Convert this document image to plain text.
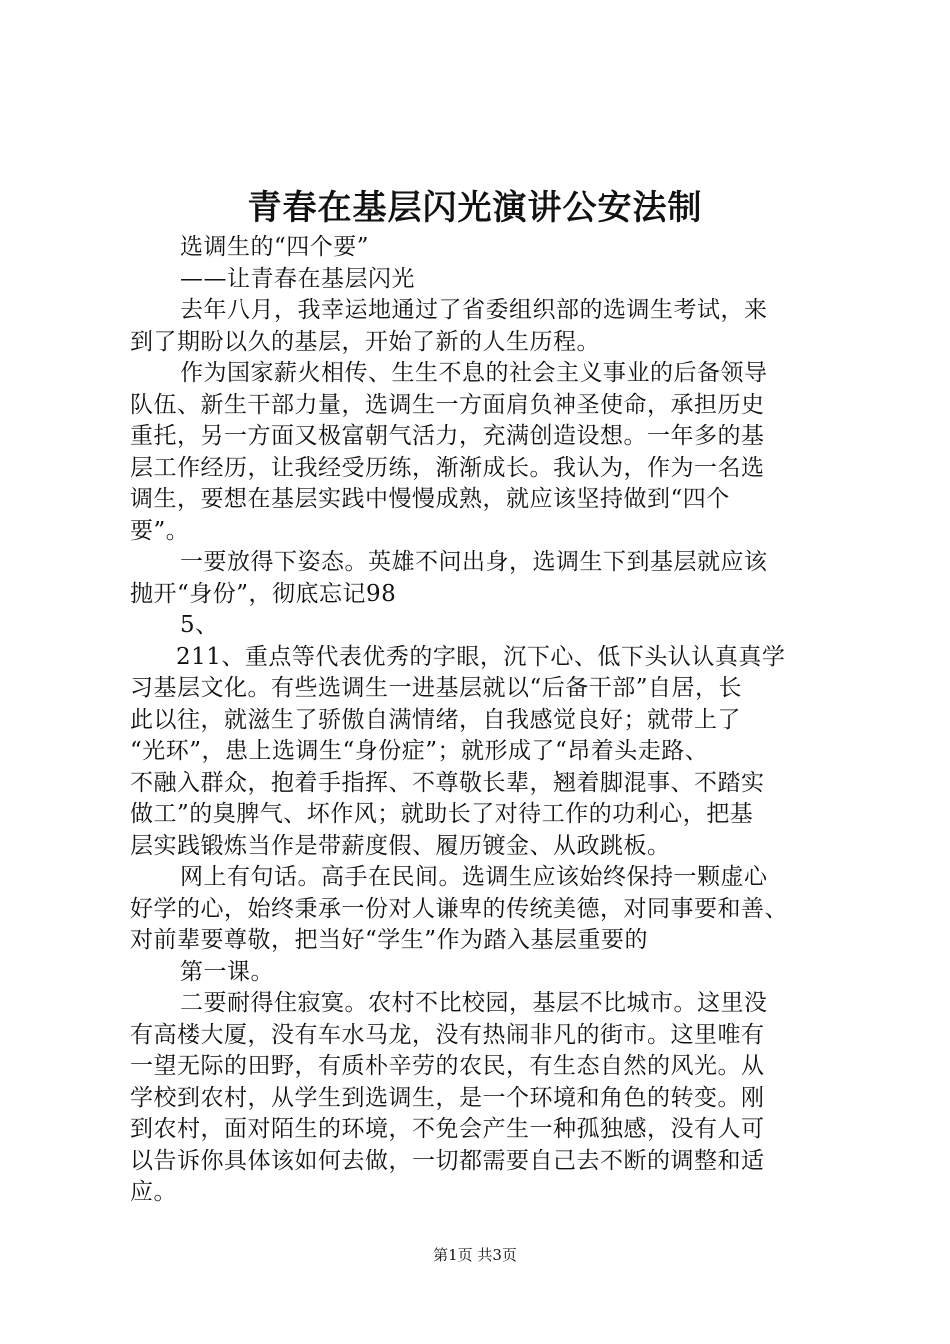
青春在基层闪光演讲公安法制
选调生的“四个要”
——让青春在基层闪光
去年八月，我幸运地通过了省委组织部的选调生考试，来
到了期盼以久的基层，开始了新的人生历程。
作为国家薪火相传、生生不息的社会主义事业的后备领导
队伍、新生干部力量，选调生一方面肩负神圣使命，承担历史
重托，另一方面又极富朝气活力，充满创造设想。一年多的基
层工作经历，让我经受历练，渐渐成长。我认为，作为一名选
调生，要想在基层实践中慢慢成熟，就应该坚持做到“四个
要”。
一要放得下姿态。英雄不问出身，选调生下到基层就应该
抛开“身份”，彻底忘记98
5、
211、重点等代表优秀的字眼，沉下心、低下头认认真真学
习基层文化。有些选调生一进基层就以“后备干部”自居，长
此以往，就滋生了骄傲自满情绪，自我感觉良好；就带上了
“光环”，患上选调生“身份症”；就形成了“昂着头走路、
不融入群众，抱着手指挥、不尊敬长辈，翘着脚混事、不踏实
做工”的臭脾气、坏作风；就助长了对待工作的功利心，把基
层实践锻炼当作是带薪度假、履历镀金、从政跳板。
网上有句话。高手在民间。选调生应该始终保持一颗虚心
好学的心，始终秉承一份对人谦卑的传统美德，对同事要和善、
对前辈要尊敬，把当好“学生”作为踏入基层重要的
第一课。
二要耐得住寂寞。农村不比校园，基层不比城市。这里没
有高楼大厦，没有车水马龙，没有热闹非凡的街市。这里唯有
一望无际的田野，有质朴辛劳的农民，有生态自然的风光。从
学校到农村，从学生到选调生，是一个环境和角色的转变。刚
到农村，面对陌生的环境，不免会产生一种孤独感，没有人可
以告诉你具体该如何去做，一切都需要自己去不断的调整和适
应。
第1页 共3页
